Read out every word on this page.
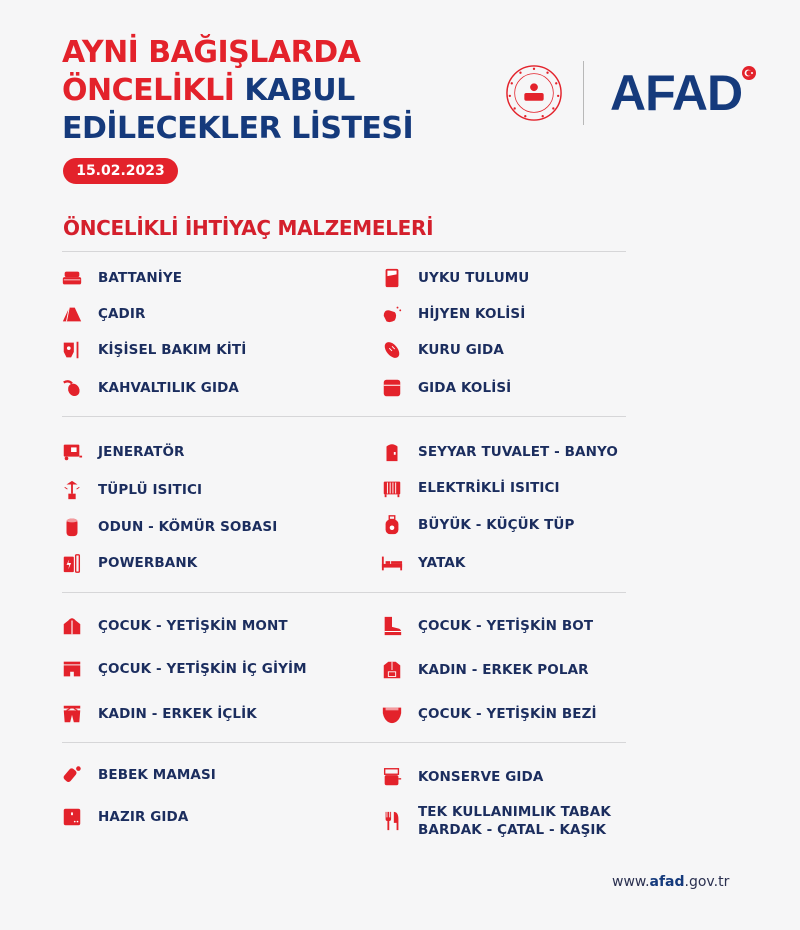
AYNİ BAĞIŞLARDA
ÖNCELİKLİ KABUL
EDİLECEKLER LİSTESİ
15.02.2023
AFAD
ÖNCELİKLİ İHTİYAÇ MALZEMELERİ
BATTANİYE
ÇADIR
KİŞİSEL BAKIM KİTİ
KAHVALTILIK GIDA
UYKU TULUMU
HİJYEN KOLİSİ
KURU GIDA
GIDA KOLİSİ
JENERATÖR
TÜPLÜ ISITICI
ODUN - KÖMÜR SOBASI
POWERBANK
SEYYAR TUVALET - BANYO
ELEKTRİKLİ ISITICI
BÜYÜK - KÜÇÜK TÜP
YATAK
ÇOCUK - YETİŞKİN MONT
ÇOCUK - YETİŞKİN İÇ GİYİM
KADIN - ERKEK İÇLİK
ÇOCUK - YETİŞKİN BOT
KADIN - ERKEK POLAR
ÇOCUK - YETİŞKİN BEZİ
BEBEK MAMASI
HAZIR GIDA
KONSERVE GIDA
TEK KULLANIMLIK TABAK
BARDAK - ÇATAL - KAŞIK
www.afad.gov.tr
